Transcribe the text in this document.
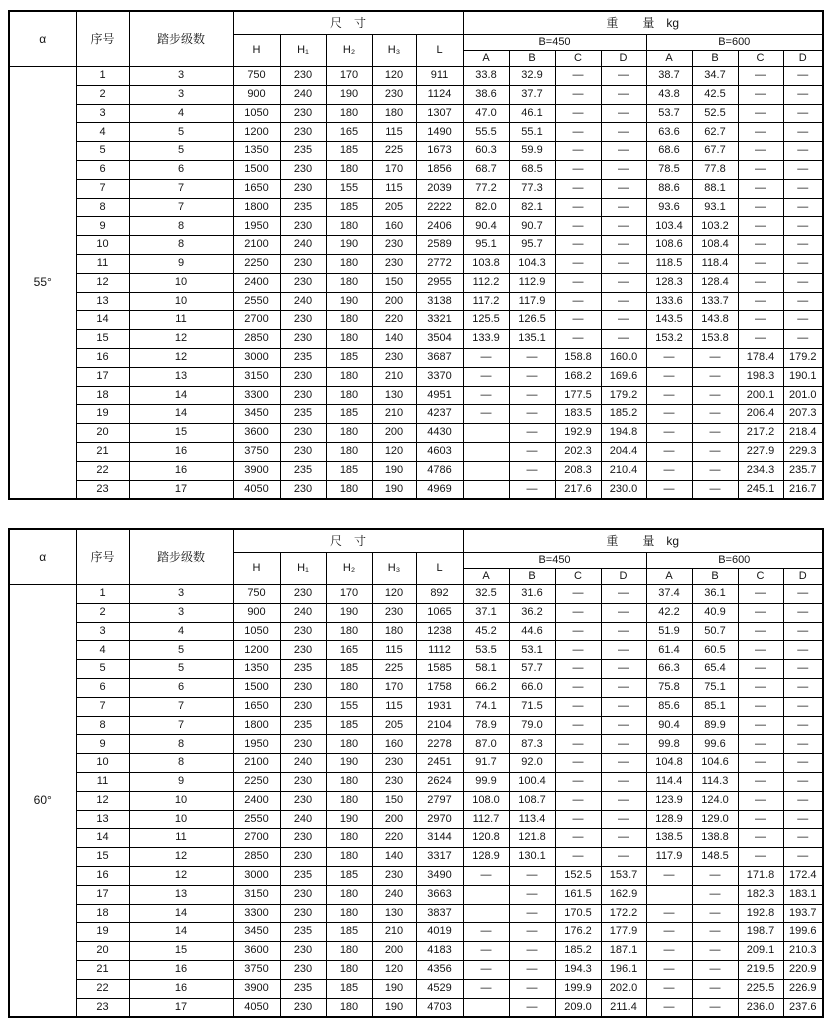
α	序号	踏步级数	尺　寸					重　　量　kg							
			H	H₁	H₂	H₃	L	B=450				B=600			
								A	B	C	D	A	B	C	D
55°	1	3	750	230	170	120	911	33.8	32.9	—	—	38.7	34.7	—	—
	2	3	900	240	190	230	1124	38.6	37.7	—	—	43.8	42.5	—	—
	3	4	1050	230	180	180	1307	47.0	46.1	—	—	53.7	52.5	—	—
	4	5	1200	230	165	115	1490	55.5	55.1	—	—	63.6	62.7	—	—
	5	5	1350	235	185	225	1673	60.3	59.9	—	—	68.6	67.7	—	—
	6	6	1500	230	180	170	1856	68.7	68.5	—	—	78.5	77.8	—	—
	7	7	1650	230	155	115	2039	77.2	77.3	—	—	88.6	88.1	—	—
	8	7	1800	235	185	205	2222	82.0	82.1	—	—	93.6	93.1	—	—
	9	8	1950	230	180	160	2406	90.4	90.7	—	—	103.4	103.2	—	—
	10	8	2100	240	190	230	2589	95.1	95.7	—	—	108.6	108.4	—	—
	11	9	2250	230	180	230	2772	103.8	104.3	—	—	118.5	118.4	—	—
	12	10	2400	230	180	150	2955	112.2	112.9	—	—	128.3	128.4	—	—
	13	10	2550	240	190	200	3138	117.2	117.9	—	—	133.6	133.7	—	—
	14	11	2700	230	180	220	3321	125.5	126.5	—	—	143.5	143.8	—	—
	15	12	2850	230	180	140	3504	133.9	135.1	—	—	153.2	153.8	—	—
	16	12	3000	235	185	230	3687	—	—	158.8	160.0	—	—	178.4	179.2
	17	13	3150	230	180	210	3370	—	—	168.2	169.6	—	—	198.3	190.1
	18	14	3300	230	180	130	4951	—	—	177.5	179.2	—	—	200.1	201.0
	19	14	3450	235	185	210	4237	—	—	183.5	185.2	—	—	206.4	207.3
	20	15	3600	230	180	200	4430		—	192.9	194.8	—	—	217.2	218.4
	21	16	3750	230	180	120	4603		—	202.3	204.4	—	—	227.9	229.3
	22	16	3900	235	185	190	4786		—	208.3	210.4	—	—	234.3	235.7
	23	17	4050	230	180	190	4969		—	217.6	230.0	—	—	245.1	216.7
α	序号	踏步级数	尺　寸					重　　量　kg							
			H	H₁	H₂	H₃	L	B=450				B=600			
								A	B	C	D	A	B	C	D
60°	1	3	750	230	170	120	892	32.5	31.6	—	—	37.4	36.1	—	—
	2	3	900	240	190	230	1065	37.1	36.2	—	—	42.2	40.9	—	—
	3	4	1050	230	180	180	1238	45.2	44.6	—	—	51.9	50.7	—	—
	4	5	1200	230	165	115	1112	53.5	53.1	—	—	61.4	60.5	—	—
	5	5	1350	235	185	225	1585	58.1	57.7	—	—	66.3	65.4	—	—
	6	6	1500	230	180	170	1758	66.2	66.0	—	—	75.8	75.1	—	—
	7	7	1650	230	155	115	1931	74.1	71.5	—	—	85.6	85.1	—	—
	8	7	1800	235	185	205	2104	78.9	79.0	—	—	90.4	89.9	—	—
	9	8	1950	230	180	160	2278	87.0	87.3	—	—	99.8	99.6	—	—
	10	8	2100	240	190	230	2451	91.7	92.0	—	—	104.8	104.6	—	—
	11	9	2250	230	180	230	2624	99.9	100.4	—	—	114.4	114.3	—	—
	12	10	2400	230	180	150	2797	108.0	108.7	—	—	123.9	124.0	—	—
	13	10	2550	240	190	200	2970	112.7	113.4	—	—	128.9	129.0	—	—
	14	11	2700	230	180	220	3144	120.8	121.8	—	—	138.5	138.8	—	—
	15	12	2850	230	180	140	3317	128.9	130.1	—	—	117.9	148.5	—	—
	16	12	3000	235	185	230	3490	—	—	152.5	153.7	—	—	171.8	172.4
	17	13	3150	230	180	240	3663		—	161.5	162.9		—	182.3	183.1
	18	14	3300	230	180	130	3837		—	170.5	172.2	—	—	192.8	193.7
	19	14	3450	235	185	210	4019	—	—	176.2	177.9	—	—	198.7	199.6
	20	15	3600	230	180	200	4183	—	—	185.2	187.1	—	—	209.1	210.3
	21	16	3750	230	180	120	4356	—	—	194.3	196.1	—	—	219.5	220.9
	22	16	3900	235	185	190	4529	—	—	199.9	202.0	—	—	225.5	226.9
	23	17	4050	230	180	190	4703		—	209.0	211.4	—	—	236.0	237.6
